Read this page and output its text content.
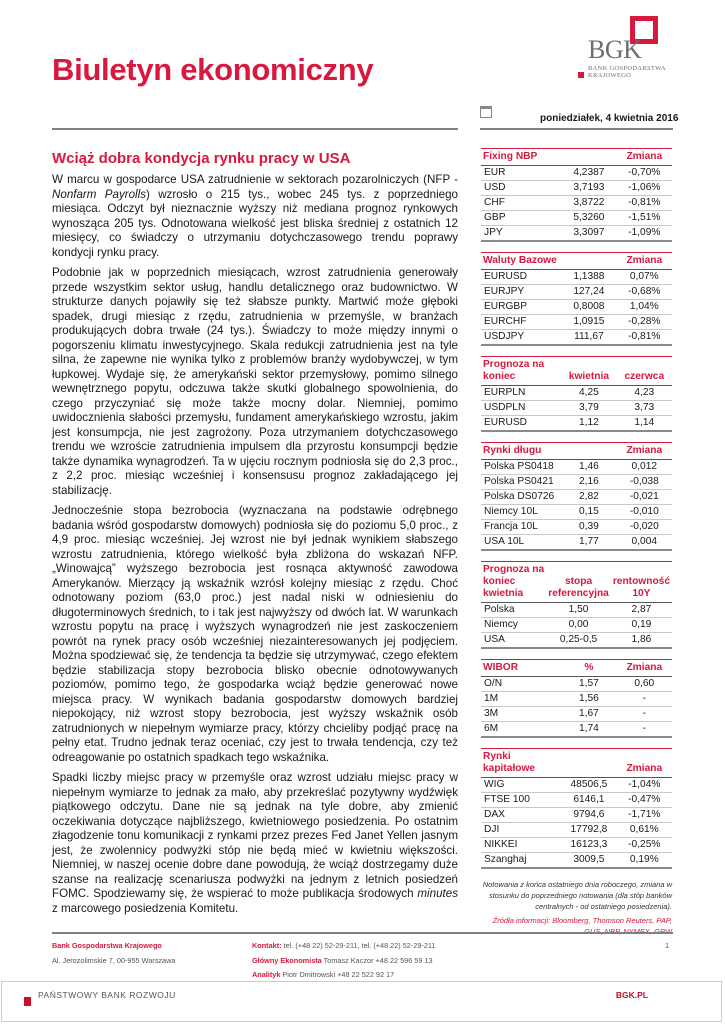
Biuletyn ekonomiczny
BGK
BANK GOSPODARSTWA KRAJOWEGO
poniedziałek, 4 kwietnia 2016
Wciąż dobra kondycja rynku pracy w USA

W marcu w gospodarce USA zatrudnienie w sektorach pozarolniczych (NFP - Nonfarm Payrolls) wzrosło o 215 tys., wobec 245 tys. z poprzedniego miesiąca. Odczyt był nieznacznie wyższy niż mediana prognoz rynkowych wynosząca 205 tys. Odnotowana wielkość jest bliska średniej z ostatnich 12 miesięcy, co świadczy o utrzymaniu dotychczasowego trendu poprawy kondycji rynku pracy.

Podobnie jak w poprzednich miesiącach, wzrost zatrudnienia generowały przede wszystkim sektor usług, handlu detalicznego oraz budownictwo. W strukturze danych pojawiły się też słabsze punkty. Martwić może głęboki spadek, drugi miesiąc z rzędu, zatrudnienia w przemyśle, w branżach produkujących dobra trwałe (24 tys.). Świadczy to może między innymi o pogorszeniu klimatu inwestycyjnego. Skala redukcji zatrudnienia jest na tyle silna, że zapewne nie wynika tylko z problemów branży wydobywczej, w tym łupkowej. Wydaje się, że amerykański sektor przemysłowy, pomimo silnego wewnętrznego popytu, odczuwa także skutki globalnego spowolnienia, do czego przyczyniać się może także mocny dolar. Niemniej, pomimo uwidocznienia słabości przemysłu, fundament amerykańskiego wzrostu, jakim jest konsumpcja, nie jest zagrożony. Poza utrzymaniem dotychczasowego trendu we wzroście zatrudnienia impulsem dla przyrostu konsumpcji będzie także dynamika wynagrodzeń. Ta w ujęciu rocznym podniosła się do 2,3 proc., z 2,2 proc. miesiąc wcześniej i konsensusu prognoz zakładającego jej stabilizację.

Jednocześnie stopa bezrobocia (wyznaczana na podstawie odrębnego badania wśród gospodarstw domowych) podniosła się do poziomu 5,0 proc., z 4,9 proc. miesiąc wcześniej. Jej wzrost nie był jednak wynikiem słabszego wzrostu zatrudnienia, którego wielkość była zbliżona do wskazań NFP. „Winowajcą” wyższego bezrobocia jest rosnąca aktywność zawodowa Amerykanów. Mierzący ją wskaźnik wzrósł kolejny miesiąc z rzędu. Choć odnotowany poziom (63,0 proc.) jest nadal niski w odniesieniu do długoterminowych średnich, to i tak jest najwyższy od dwóch lat. W warunkach wzrostu popytu na pracę i wyższych wynagrodzeń nie jest zaskoczeniem powrót na rynek pracy osób wcześniej niezainteresowanych jej podjęciem. Można spodziewać się, że tendencja ta będzie się utrzymywać, czego efektem będzie stabilizacja stopy bezrobocia blisko obecnie odnotowywanych poziomów, pomimo tego, że gospodarka wciąż będzie generować nowe miejsca pracy. W wynikach badania gospodarstw domowych bardziej niepokojący, niż wzrost stopy bezrobocia, jest wyższy wskaźnik osób zatrudnionych w niepełnym wymiarze pracy, którzy chcieliby podjąć pracę na pełny etat. Trudno jednak teraz oceniać, czy jest to trwała tendencja, czy też odreagowanie po ostatnich spadkach tego wskaźnika.

Spadki liczby miejsc pracy w przemyśle oraz wzrost udziału miejsc pracy w niepełnym wymiarze to jednak za mało, aby przekreślać pozytywny wydźwięk piątkowego odczytu. Dane nie są jednak na tyle dobre, aby zmienić oczekiwania dotyczące najbliższego, kwietniowego posiedzenia. Po ostatnim złagodzenie tonu komunikacji z rynkami przez prezes Fed Janet Yellen jasnym jest, że zwolennicy podwyżki stóp nie będą mieć w kwietniu większości. Niemniej, w naszej ocenie dobre dane powodują, że wciąż dostrzegamy duże szanse na realizację scenariusza podwyżki na jednym z letnich posiedzeń FOMC. Spodziewamy się, że wspierać to może publikacja środowych minutes z marcowego posiedzenia Komitetu.

Fixing NBP		Zmiana
EUR	4,2387	-0,70%
USD	3,7193	-1,06%
CHF	3,8722	-0,81%
GBP	5,3260	-1,51%
JPY	3,3097	-1,09%
Waluty Bazowe		Zmiana
EURUSD	1,1388	0,07%
EURJPY	127,24	-0,68%
EURGBP	0,8008	1,04%
EURCHF	1,0915	-0,28%
USDJPY	111,67	-0,81%
Prognoza na koniec	kwietnia	czerwca
EURPLN	4,25	4,23
USDPLN	3,79	3,73
EURUSD	1,12	1,14
Rynki długu		Zmiana
Polska PS0418	1,46	0,012
Polska PS0421	2,16	-0,038
Polska DS0726	2,82	-0,021
Niemcy 10L	0,15	-0,010
Francja 10L	0,39	-0,020
USA 10L	1,77	0,004
Prognoza na koniec kwietnia	stopa referencyjna	rentowność 10Y
Polska	1,50	2,87
Niemcy	0,00	0,19
USA	0,25-0,5	1,86
WIBOR	%	Zmiana
O/N	1,57	0,60
1M	1,56	-
3M	1,67	-
6M	1,74	-
Rynki kapitałowe		Zmiana
WIG	48506,5	-1,04%
FTSE 100	6146,1	-0,47%
DAX	9794,6	-1,71%
DJI	17792,8	0,61%
NIKKEI	16123,3	-0,25%
Szanghaj	3009,5	0,19%
Notowania z końca ostatniego dnia roboczego, zmiana w stosunku do poprzedniego notowania (dla stóp banków centralnych - od ostatniego posiedzenia).
Źródła informacji: Bloomberg, Thomson Reuters, PAP,
Bank Gospodarstwa Krajowego
Al. Jerozolimskie 7, 00-955 Warszawa
Kontakt: tel. (+48 22) 52-29-211, tel. (+48 22) 52-29-211
Główny Ekonomista Tomasz Kaczor +48 22 596 59 13
Analityk Piotr Dmitrowski +48 22 522 92 17
1
PAŃSTWOWY BANK ROZWOJU	BGK.PL
